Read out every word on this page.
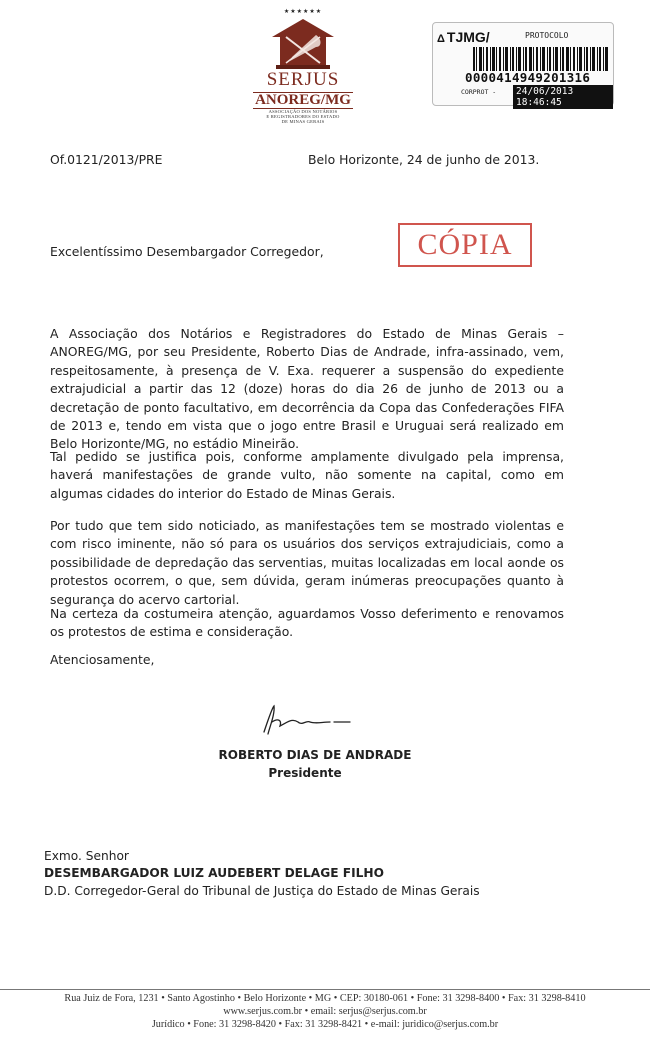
★★★★★★
SERJUS
ANOREG/MG
ASSOCIAÇÃO DOS NOTÁRIOS
E REGISTRADORES DO ESTADO
DE MINAS GERAIS
Δ TJMG/	PROTOCOLO
0000414949201316
CORPROT -	24/06/2013 18:46:45
Of.0121/2013/PRE	Belo Horizonte, 24 de junho de 2013.
CÓPIA
Excelentíssimo Desembargador Corregedor,

A Associação dos Notários e Registradores do Estado de Minas Gerais – ANOREG/MG, por seu Presidente, Roberto Dias de Andrade, infra-assinado, vem, respeitosamente, à presença de V. Exa. requerer a suspensão do expediente extrajudicial a partir das 12 (doze) horas do dia 26 de junho de 2013 ou a decretação de ponto facultativo, em decorrência da Copa das Confederações FIFA de 2013 e, tendo em vista que o jogo entre Brasil e Uruguai será realizado em Belo Horizonte/MG, no estádio Mineirão.

Tal pedido se justifica pois, conforme amplamente divulgado pela imprensa, haverá manifestações de grande vulto, não somente na capital, como em algumas cidades do interior do Estado de Minas Gerais.

Por tudo que tem sido noticiado, as manifestações tem se mostrado violentas e com risco iminente, não só para os usuários dos serviços extrajudiciais, como a possibilidade de depredação das serventias, muitas localizadas em local aonde os protestos ocorrem, o que, sem dúvida, geram inúmeras preocupações quanto à segurança do acervo cartorial.

Na certeza da costumeira atenção, aguardamos Vosso deferimento e renovamos os protestos de estima e consideração.

Atenciosamente,
ROBERTO DIAS DE ANDRADE
Presidente
Exmo. Senhor
DESEMBARGADOR LUIZ AUDEBERT DELAGE FILHO
D.D. Corregedor-Geral do Tribunal de Justiça do Estado de Minas Gerais
Rua Juiz de Fora, 1231 • Santo Agostinho • Belo Horizonte • MG • CEP: 30180-061 • Fone: 31 3298-8400 • Fax: 31 3298-8410
www.serjus.com.br • email: serjus@serjus.com.br
Jurídico • Fone: 31 3298-8420 • Fax: 31 3298-8421 • e-mail: juridico@serjus.com.br
